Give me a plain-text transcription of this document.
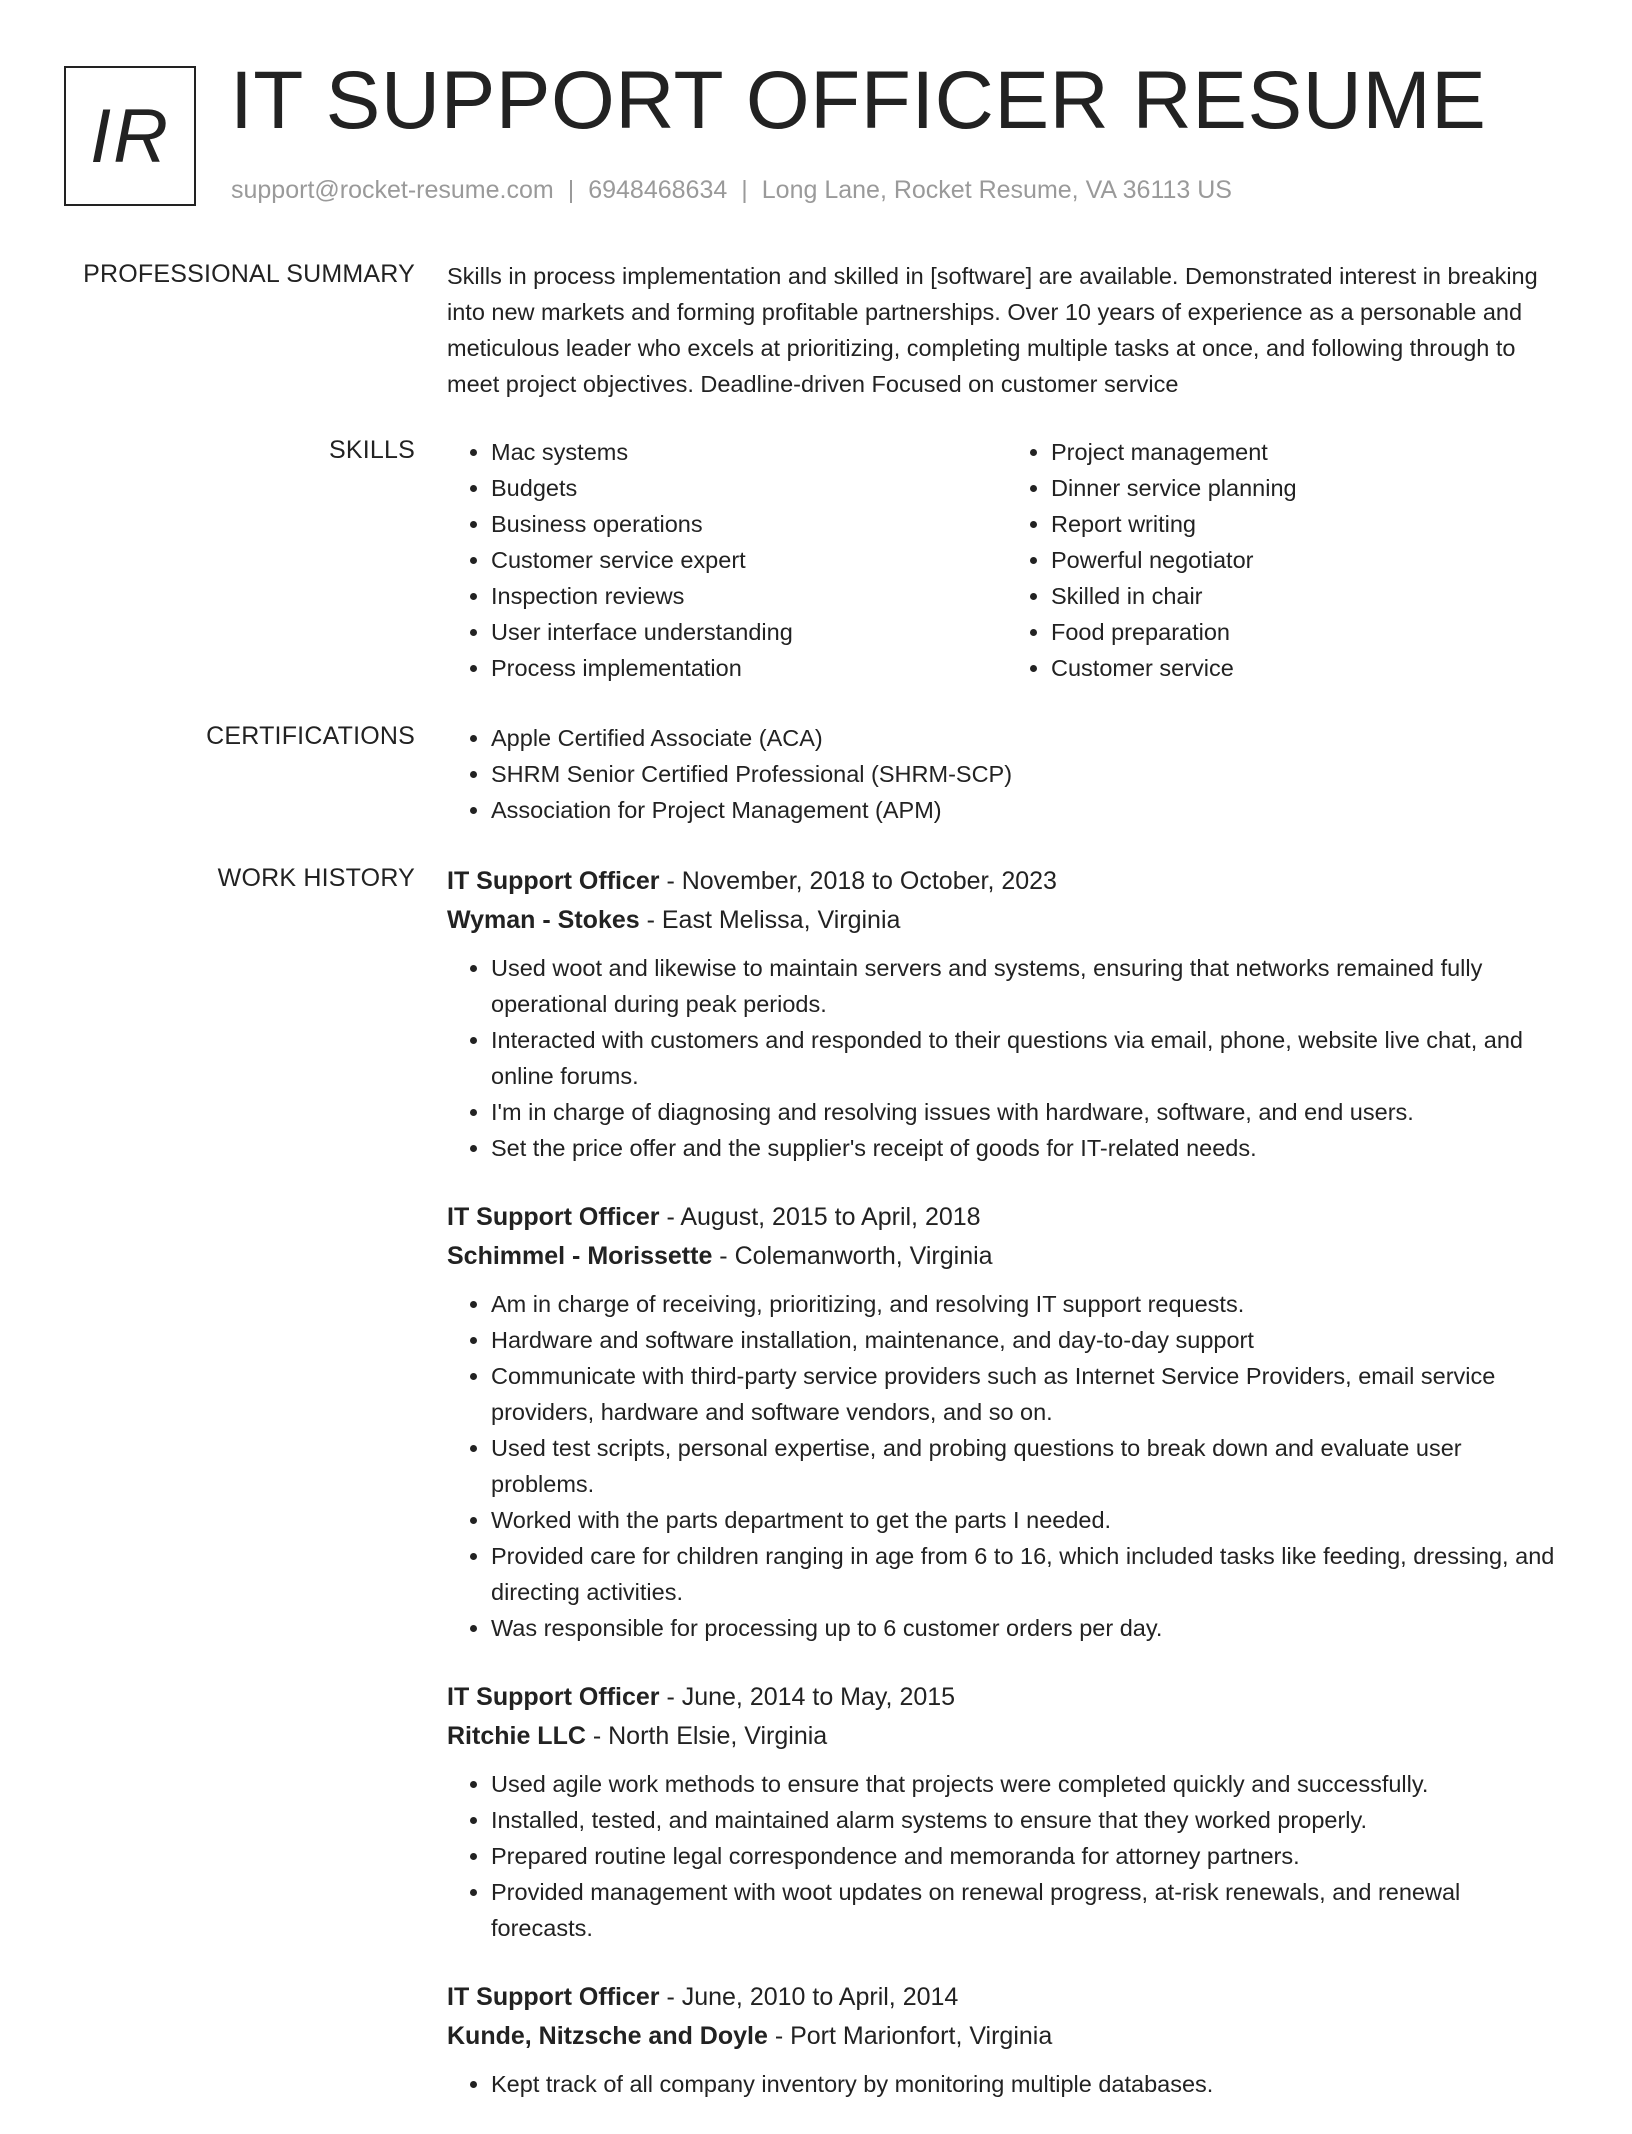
IR IT SUPPORT OFFICER RESUME
support@rocket-resume.com | 6948468634 | Long Lane, Rocket Resume, VA 36113 US
PROFESSIONAL SUMMARY Skills in process implementation and skilled in [software] are available. Demonstrated interest in breaking into new markets and forming profitable partnerships. Over 10 years of experience as a personable and meticulous leader who excels at prioritizing, completing multiple tasks at once, and following through to meet project objectives. Deadline-driven Focused on customer service

SKILLS	• Mac systems
• Budgets
• Business operations
• Customer service expert
• Inspection reviews
• User interface understanding
• Process implementation
• Project management
• Dinner service planning
• Report writing
• Powerful negotiator
• Skilled in chair
• Food preparation
• Customer service
CERTIFICATIONS	• Apple Certified Associate (ACA)
• SHRM Senior Certified Professional (SHRM-SCP)
• Association for Project Management (APM)
WORK HISTORY IT Support Officer - November, 2018 to October, 2023
Wyman - Stokes - East Melissa, Virginia
• Used woot and likewise to maintain servers and systems, ensuring that networks remained fully operational during peak periods.
• Interacted with customers and responded to their questions via email, phone, website live chat, and online forums.
• I'm in charge of diagnosing and resolving issues with hardware, software, and end users.
• Set the price offer and the supplier's receipt of goods for IT-related needs.
IT Support Officer - August, 2015 to April, 2018
Schimmel - Morissette - Colemanworth, Virginia
• Am in charge of receiving, prioritizing, and resolving IT support requests.
• Hardware and software installation, maintenance, and day-to-day support
• Communicate with third-party service providers such as Internet Service Providers, email service providers, hardware and software vendors, and so on.
• Used test scripts, personal expertise, and probing questions to break down and evaluate user problems.
• Worked with the parts department to get the parts I needed.
• Provided care for children ranging in age from 6 to 16, which included tasks like feeding, dressing, and directing activities.
• Was responsible for processing up to 6 customer orders per day.
IT Support Officer - June, 2014 to May, 2015
Ritchie LLC - North Elsie, Virginia
• Used agile work methods to ensure that projects were completed quickly and successfully.
• Installed, tested, and maintained alarm systems to ensure that they worked properly.
• Prepared routine legal correspondence and memoranda for attorney partners.
• Provided management with woot updates on renewal progress, at-risk renewals, and renewal forecasts.
IT Support Officer - June, 2010 to April, 2014
Kunde, Nitzsche and Doyle - Port Marionfort, Virginia
• Kept track of all company inventory by monitoring multiple databases.
